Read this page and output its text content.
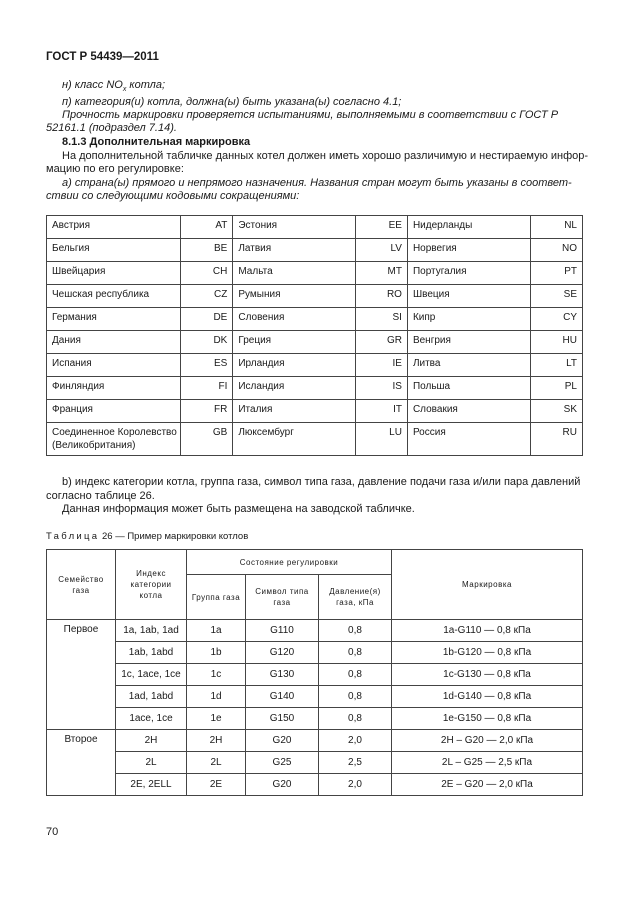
ГОСТ Р 54439—2011
н) класс $NO_x$ котла;
п) категория(и) котла, должна(ы) быть указана(ы) согласно 4.1;
Прочность маркировки проверяется испытаниями, выполняемыми в соответствии с ГОСТ Р
52161.1 (подраздел 7.14).
8.1.3 Дополнительная маркировка
На дополнительной табличке данных котел должен иметь хорошо различимую и нестираемую инфор-
мацию по его регулировке:
а) страна(ы) прямого и непрямого назначения. Названия стран могут быть указаны в соответ-
ствии со следующими кодовыми сокращениями:
Австрия	AT	Эстония	EE	Нидерланды	NL
Бельгия	BE	Латвия	LV	Норвегия	NO
Швейцария	CH	Мальта	MT	Португалия	PT
Чешская республика	CZ	Румыния	RO	Швеция	SE
Германия	DE	Словения	SI	Кипр	CY
Дания	DK	Греция	GR	Венгрия	HU
Испания	ES	Ирландия	IE	Литва	LT
Финляндия	FI	Исландия	IS	Польша	PL
Франция	FR	Италия	IT	Словакия	SK
Соединенное Королевство (Великобритания)	GB	Люксембург	LU	Россия	RU
b) индекс категории котла, группа газа, символ типа газа, давление подачи газа и/или пара давлений
согласно таблице 26.
Данная информация может быть размещена на заводской табличке.
Таблица 26 — Пример маркировки котлов
Семейство газа	Индекс категории котла	Состояние регулировки			Маркировка
		Группа газа	Символ типа газа	Давление(я) газа, кПа	
Первое	1a, 1ab, 1ad	1a	G110	0,8	1a-G110 — 0,8 кПа
	1ab, 1abd	1b	G120	0,8	1b-G120 — 0,8 кПа
	1c, 1ace, 1ce	1c	G130	0,8	1c-G130 — 0,8 кПа
	1ad, 1abd	1d	G140	0,8	1d-G140 — 0,8 кПа
	1ace, 1ce	1e	G150	0,8	1e-G150 — 0,8 кПа
Второе	2H	2H	G20	2,0	2H – G20 — 2,0 кПа
	2L	2L	G25	2,5	2L – G25 — 2,5 кПа
	2E, 2ELL	2E	G20	2,0	2E – G20 — 2,0 кПа
70
